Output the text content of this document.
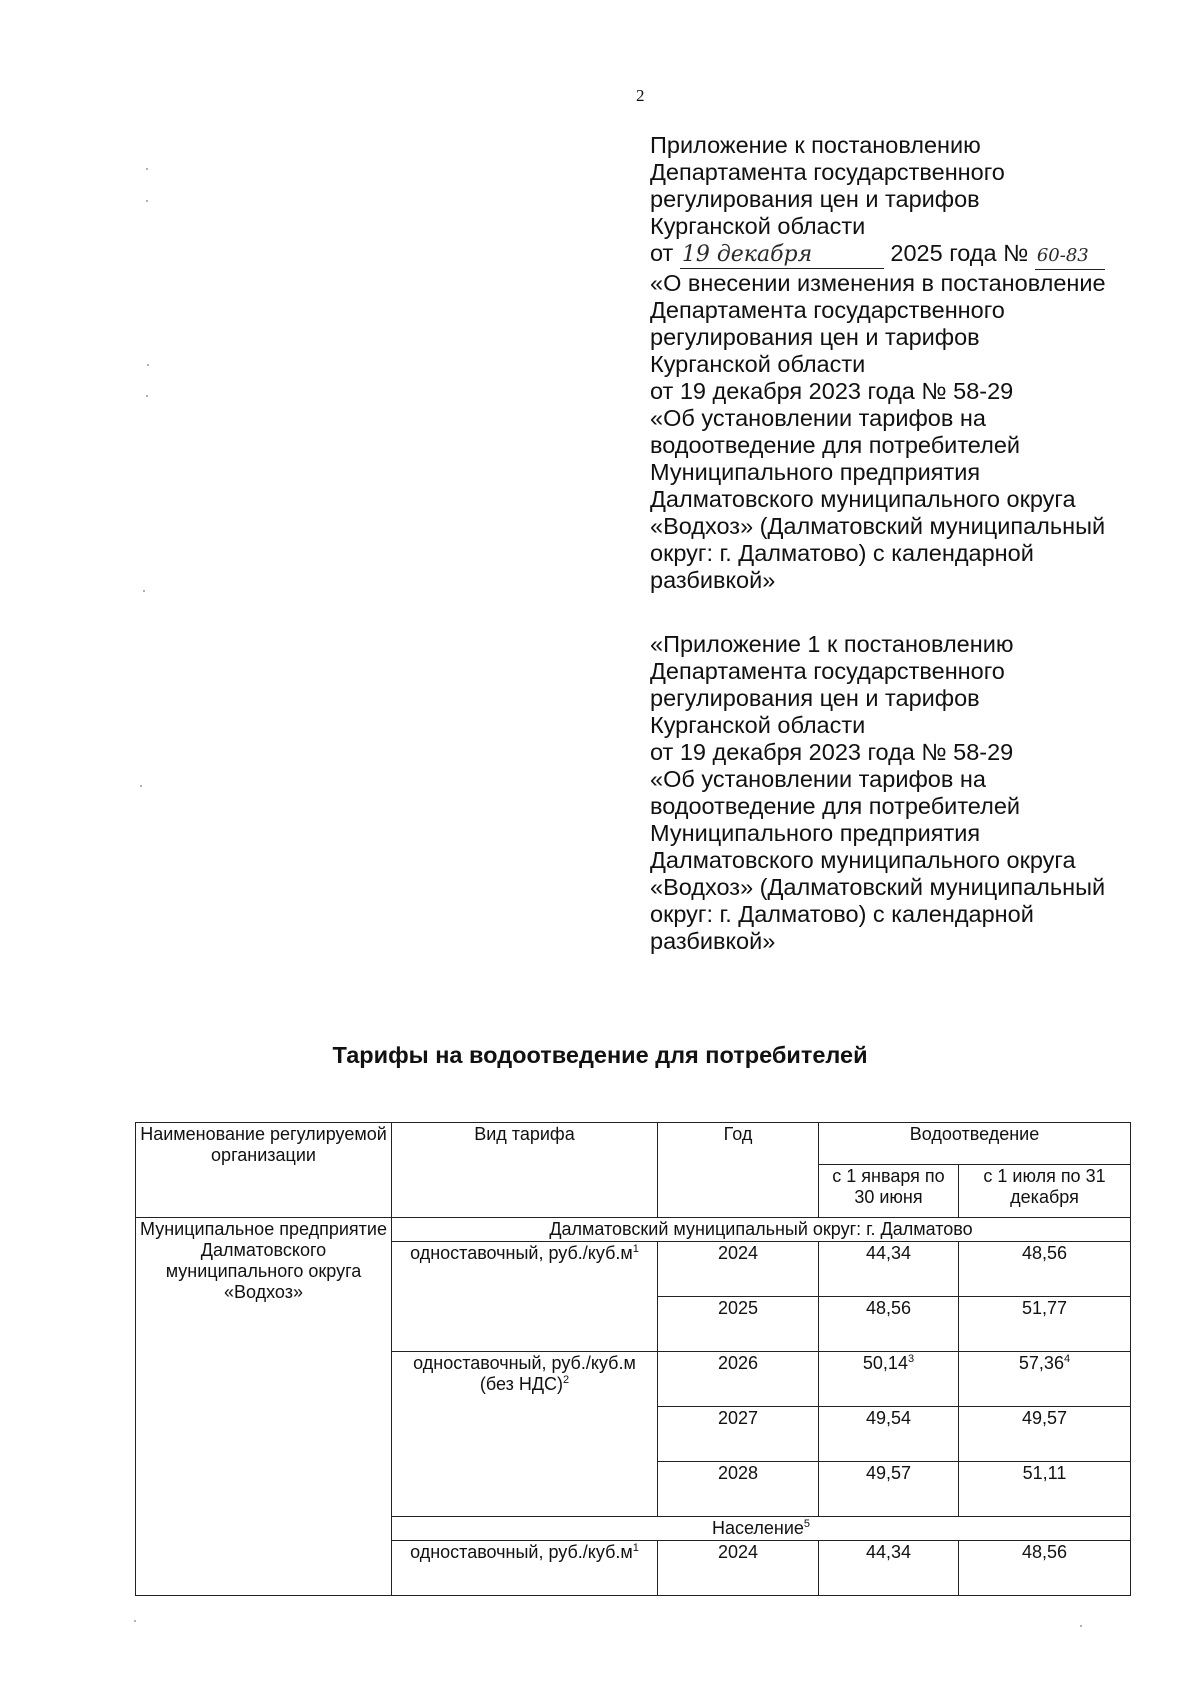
2
Приложение к постановлению
Департамента государственного
регулирования цен и тарифов
Курганской области
от 19 декабря	2025 года № 60-83
«О внесении изменения в постановление
Департамента государственного
регулирования цен и тарифов
Курганской области
от 19 декабря 2023 года № 58-29
«Об установлении тарифов на
водоотведение для потребителей
Муниципального предприятия
Далматовского муниципального округа
«Водхоз» (Далматовский муниципальный
округ: г. Далматово) с календарной
разбивкой»
«Приложение 1 к постановлению
Департамента государственного
регулирования цен и тарифов
Курганской области
от 19 декабря 2023 года № 58-29
«Об установлении тарифов на
водоотведение для потребителей
Муниципального предприятия
Далматовского муниципального округа
«Водхоз» (Далматовский муниципальный
округ: г. Далматово) с календарной
разбивкой»
Тарифы на водоотведение для потребителей
Наименование регулируемой организации	Вид тарифа	Год	Водоотведение	
			с 1 января по 30 июня	с 1 июля по 31 декабря
Муниципальное предприятие Далматовского муниципального округа «Водхоз»	Далматовский муниципальный округ: г. Далматово			
	одноставочный, $руб./куб.м^1$	2024	44,34	48,56
		2025	48,56	51,77
	одноставочный, руб./куб.м (без НДС)$^2$	2026	50,14$^3$	57,36$^4$
		2027	49,54	49,57
		2028	49,57	51,11
	Население$^5$
	одноставочный, $руб./куб.м^1$	2024	44,34	48,56
